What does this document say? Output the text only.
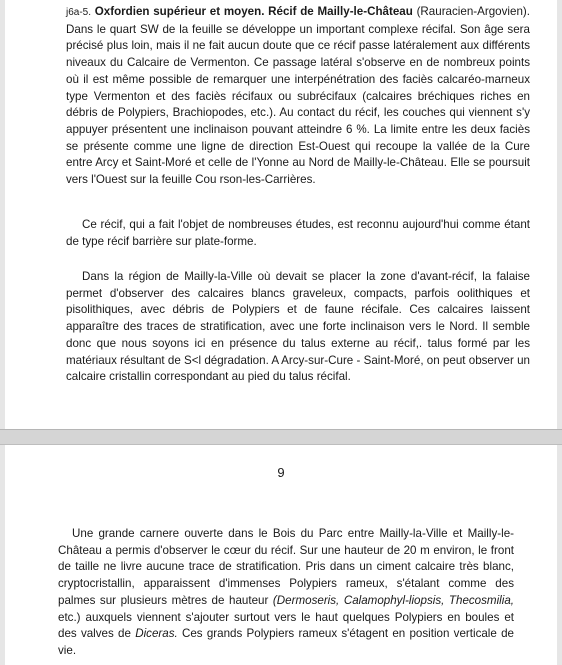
j6a-5. Oxfordien supérieur et moyen. Récif de Mailly-le-Château (Rauracien-Argovien). Dans le quart SW de la feuille se développe un important complexe récifal. Son âge sera précisé plus loin, mais il ne fait aucun doute que ce récif passe latéralement aux différents niveaux du Calcaire de Vermenton. Ce passage latéral s'observe en de nombreux points où il est même possible de remarquer une interpénétration des faciès calcaréo-marneux type Vermenton et des faciès récifaux ou subrécifaux (calcaires bréchiques riches en débris de Polypiers, Brachiopodes, etc.). Au contact du récif, les couches qui viennent s'y appuyer présentent une inclinaison pouvant atteindre 6 %. La limite entre les deux faciès se présente comme une ligne de direction Est-Ouest qui recoupe la vallée de la Cure entre Arcy et Saint-Moré et celle de l'Yonne au Nord de Mailly-le-Château. Elle se poursuit vers l'Ouest sur la feuille Cou rson-les-Carrières.

Ce récif, qui a fait l'objet de nombreuses études, est reconnu aujourd'hui comme étant de type récif barrière sur plate-forme.

Dans la région de Mailly-la-Ville où devait se placer la zone d'avant-récif, la falaise permet d'observer des calcaires blancs graveleux, compacts, parfois oolithiques et pisolithiques, avec débris de Polypiers et de faune récifale. Ces calcaires laissent apparaître des traces de stratification, avec une forte inclinaison vers le Nord. Il semble donc que nous soyons ici en présence du talus externe au récif,. talus formé par les matériaux résultant de S<l dégradation. A Arcy-sur-Cure - Saint-Moré, on peut observer un calcaire cristallin correspondant au pied du talus récifal.

9

Une grande carnere ouverte dans le Bois du Parc entre Mailly-la-Ville et Mailly-le-Château a permis d'observer le cœur du récif. Sur une hauteur de 20 m environ, le front de taille ne livre aucune trace de stratification. Pris dans un ciment calcaire très blanc, cryptocristallin, apparaissent d'immenses Polypiers rameux, s'étalant comme des palmes sur plusieurs mètres de hauteur (Dermoseris, Calamophyl-liopsis, Thecosmilia, etc.) auxquels viennent s'ajouter surtout vers le haut quelques Polypiers en boules et des valves de Diceras. Ces grands Polypiers rameux s'étagent en position verticale de vie.
